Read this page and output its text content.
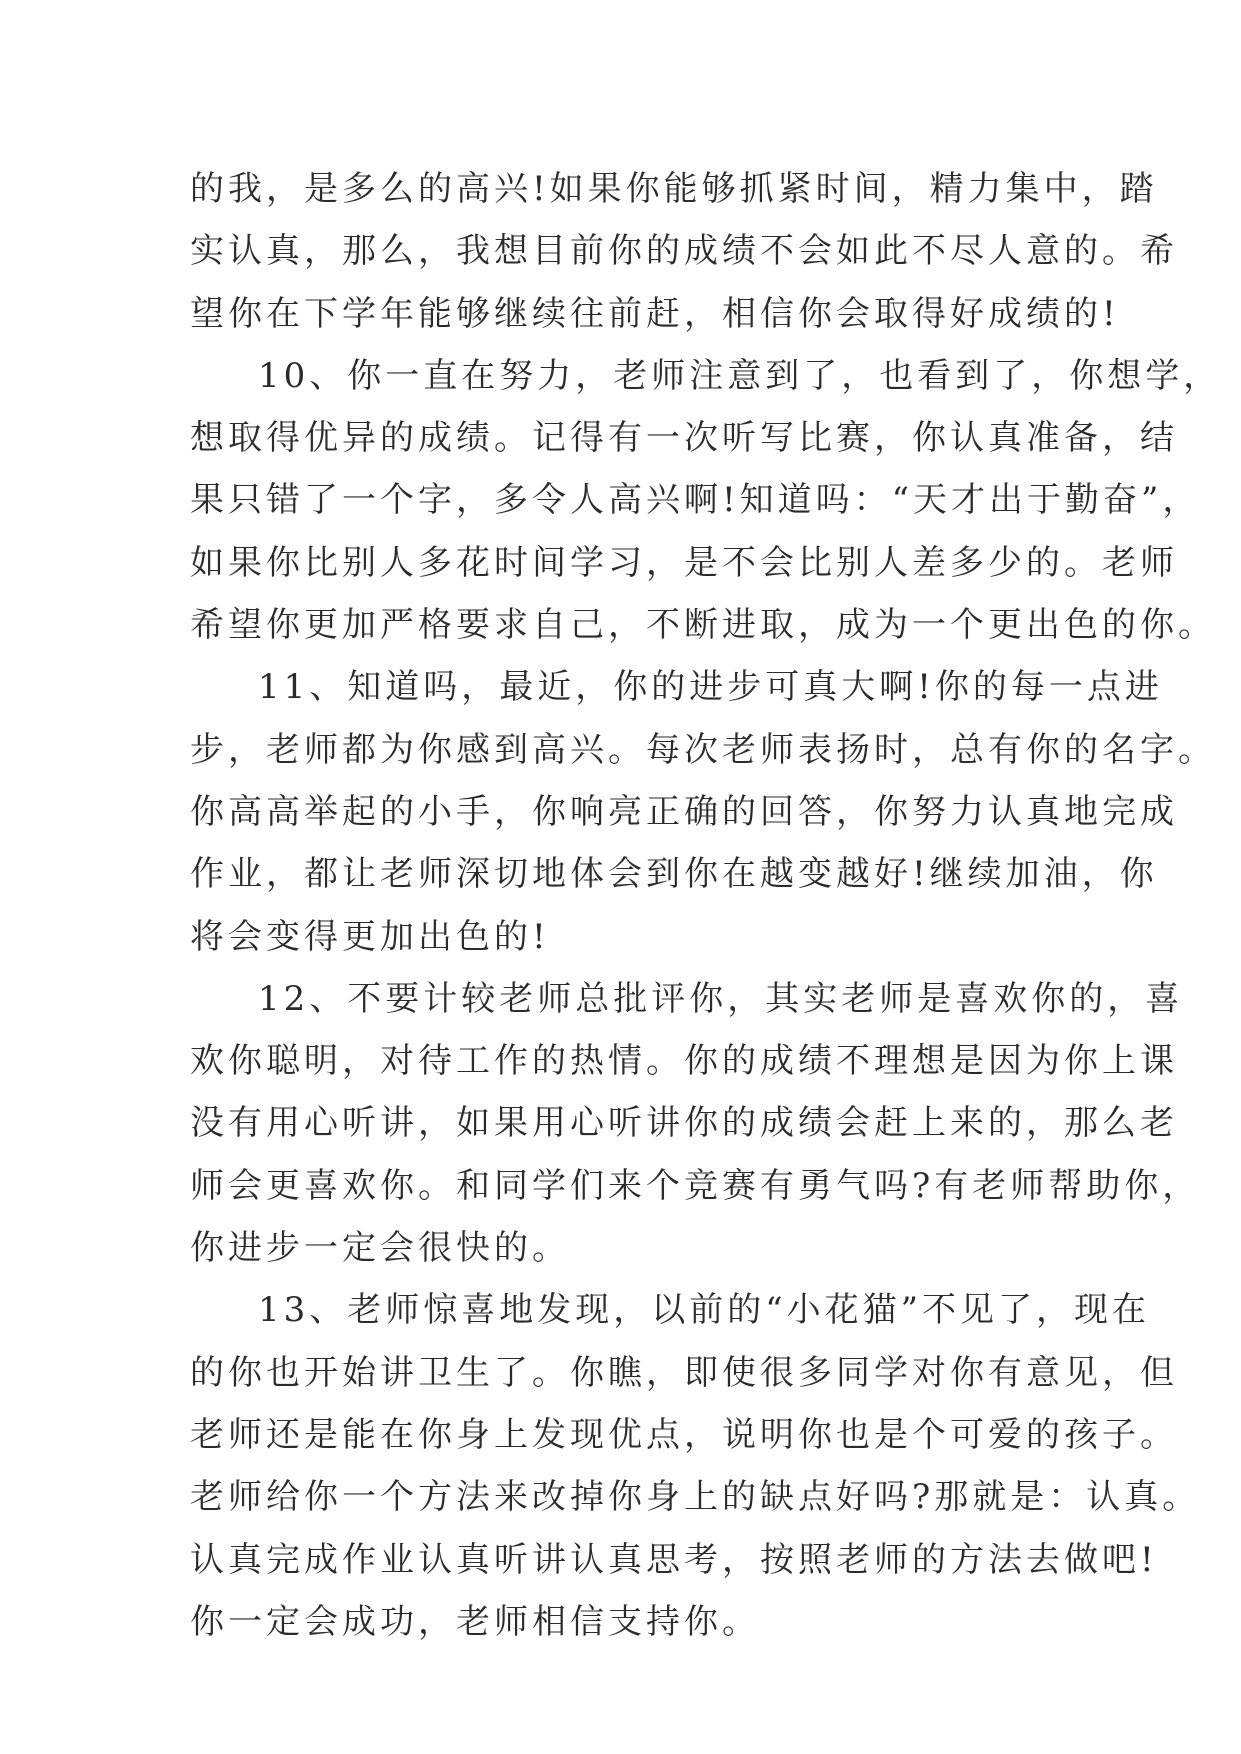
的我，是多么的高兴!如果你能够抓紧时间，精力集中，踏
实认真，那么，我想目前你的成绩不会如此不尽人意的。希
望你在下学年能够继续往前赶，相信你会取得好成绩的!
10、你一直在努力，老师注意到了，也看到了，你想学，
想取得优异的成绩。记得有一次听写比赛，你认真准备，结
果只错了一个字，多令人高兴啊!知道吗：“天才出于勤奋”，
如果你比别人多花时间学习，是不会比别人差多少的。老师
希望你更加严格要求自己，不断进取，成为一个更出色的你。
11、知道吗，最近，你的进步可真大啊!你的每一点进
步，老师都为你感到高兴。每次老师表扬时，总有你的名字。
你高高举起的小手，你响亮正确的回答，你努力认真地完成
作业，都让老师深切地体会到你在越变越好!继续加油，你
将会变得更加出色的!
12、不要计较老师总批评你，其实老师是喜欢你的，喜
欢你聪明，对待工作的热情。你的成绩不理想是因为你上课
没有用心听讲，如果用心听讲你的成绩会赶上来的，那么老
师会更喜欢你。和同学们来个竞赛有勇气吗?有老师帮助你，
你进步一定会很快的。
13、老师惊喜地发现，以前的“小花猫”不见了，现在
的你也开始讲卫生了。你瞧，即使很多同学对你有意见，但
老师还是能在你身上发现优点，说明你也是个可爱的孩子。
老师给你一个方法来改掉你身上的缺点好吗?那就是：认真。
认真完成作业认真听讲认真思考，按照老师的方法去做吧!
你一定会成功，老师相信支持你。
